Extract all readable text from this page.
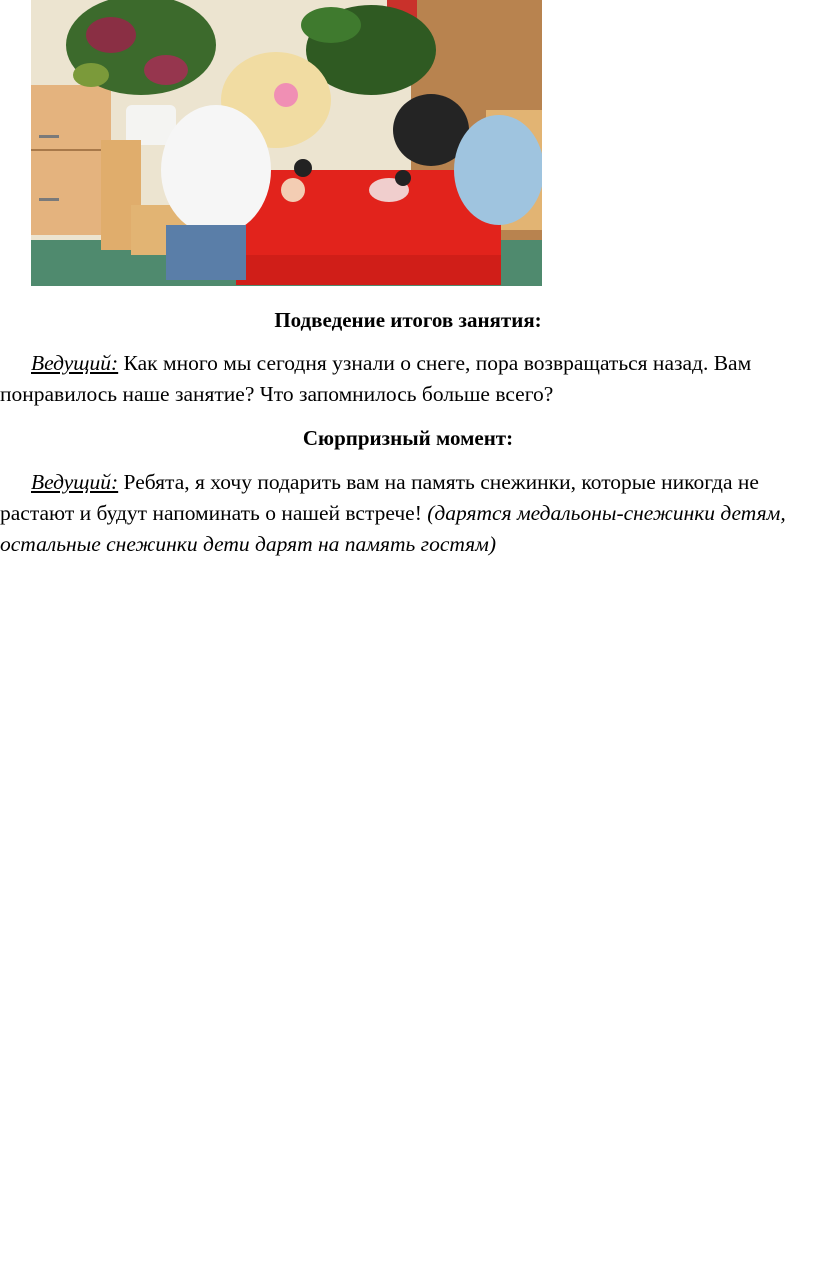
Подведение итогов занятия:

Ведущий: Как много мы сегодня узнали о снеге, пора возвращаться назад. Вам понравилось наше занятие? Что запомнилось больше всего?

Сюрпризный момент:

Ведущий: Ребята, я хочу подарить вам на память снежинки, которые никогда не растают и будут напоминать о нашей встрече! (дарятся медальоны-снежинки детям, остальные снежинки дети дарят на память гостям)
